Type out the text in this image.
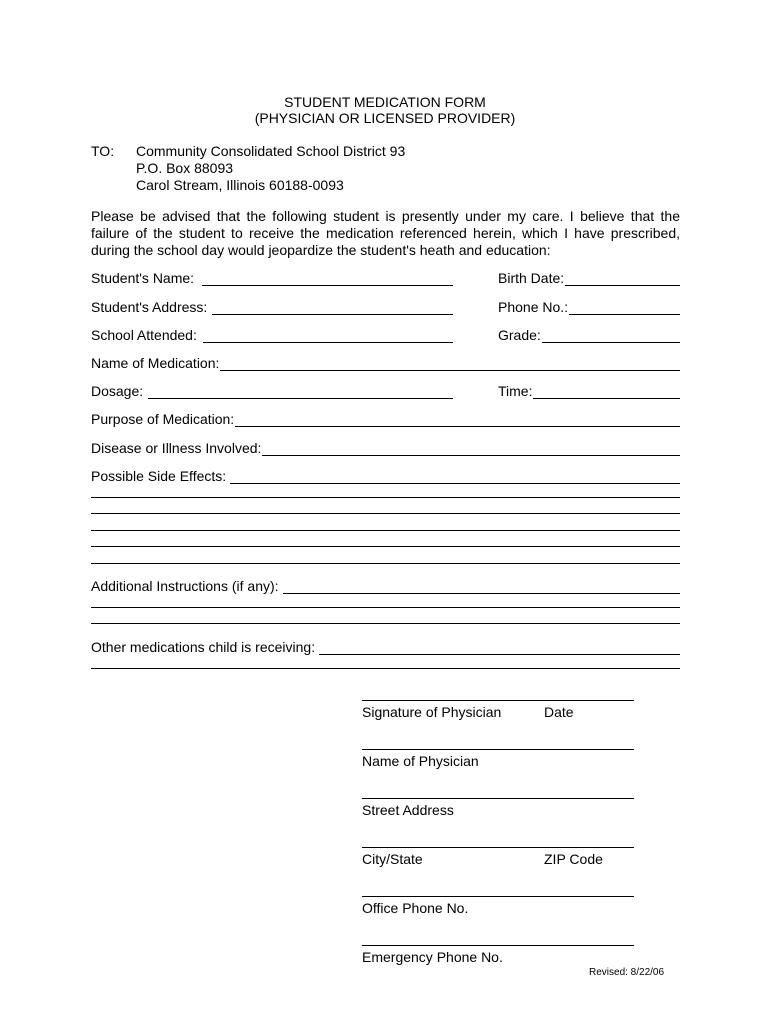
STUDENT MEDICATION FORM
(PHYSICIAN OR LICENSED PROVIDER)
TO: Community Consolidated School District 93
P.O. Box 88093
Carol Stream, Illinois 60188-0093
Please be advised that the following student is presently under my care. I believe that the failure of the student to receive the medication referenced herein, which I have prescribed, during the school day would jeopardize the student's heath and education:
Student's Name:	Birth Date:
Student's Address:	Phone No.:
School Attended:	Grade:
Name of Medication:
Dosage:	Time:
Purpose of Medication:
Disease or Illness Involved:
Possible Side Effects:
Additional Instructions (if any):
Other medications child is receiving:
Signature of Physician	Date
Name of Physician
Street Address
City/State	ZIP Code
Office Phone No.
Emergency Phone No.
Revised: 8/22/06
